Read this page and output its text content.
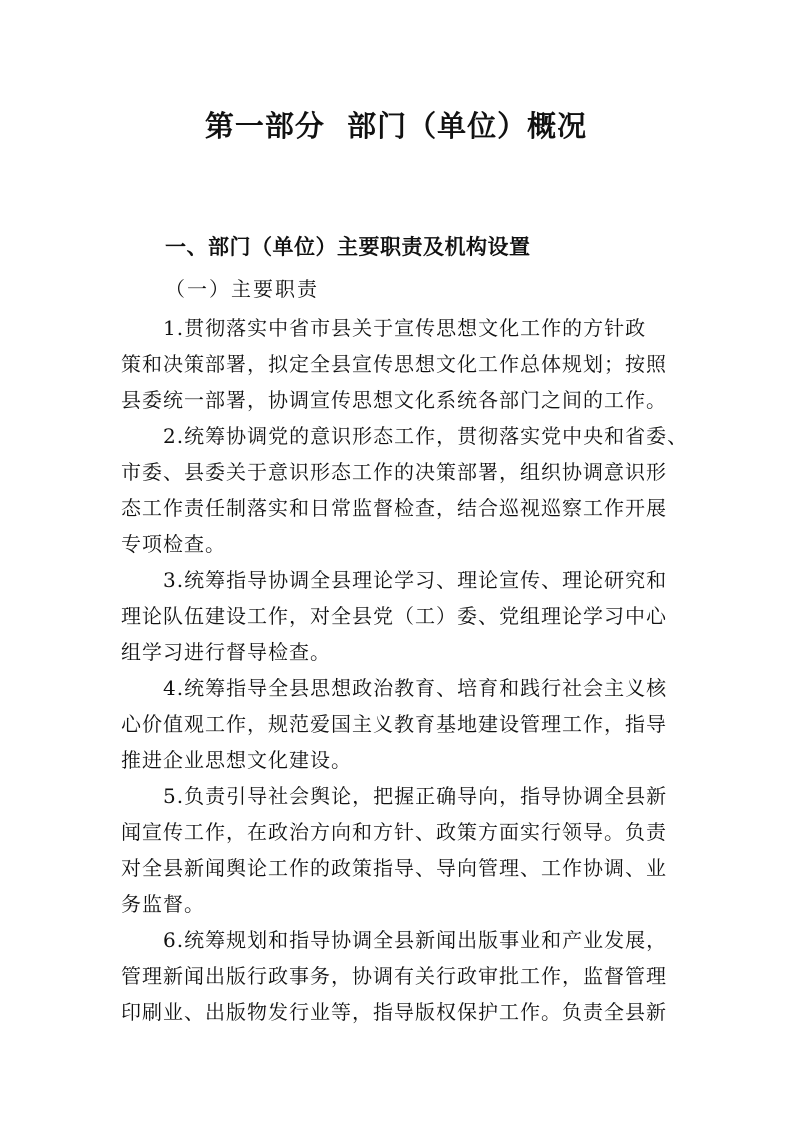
第一部分  部门（单位）概况
一、部门（单位）主要职责及机构设置
（一）主要职责
1.贯彻落实中省市县关于宣传思想文化工作的方针政
策和决策部署，拟定全县宣传思想文化工作总体规划；按照
县委统一部署，协调宣传思想文化系统各部门之间的工作。
2.统筹协调党的意识形态工作，贯彻落实党中央和省委、
市委、县委关于意识形态工作的决策部署，组织协调意识形
态工作责任制落实和日常监督检查，结合巡视巡察工作开展
专项检查。
3.统筹指导协调全县理论学习、理论宣传、理论研究和
理论队伍建设工作，对全县党（工）委、党组理论学习中心
组学习进行督导检查。
4.统筹指导全县思想政治教育、培育和践行社会主义核
心价值观工作，规范爱国主义教育基地建设管理工作，指导
推进企业思想文化建设。
5.负责引导社会舆论，把握正确导向，指导协调全县新
闻宣传工作，在政治方向和方针、政策方面实行领导。负责
对全县新闻舆论工作的政策指导、导向管理、工作协调、业
务监督。
6.统筹规划和指导协调全县新闻出版事业和产业发展，
管理新闻出版行政事务，协调有关行政审批工作，监督管理
印刷业、出版物发行业等，指导版权保护工作。负责全县新
